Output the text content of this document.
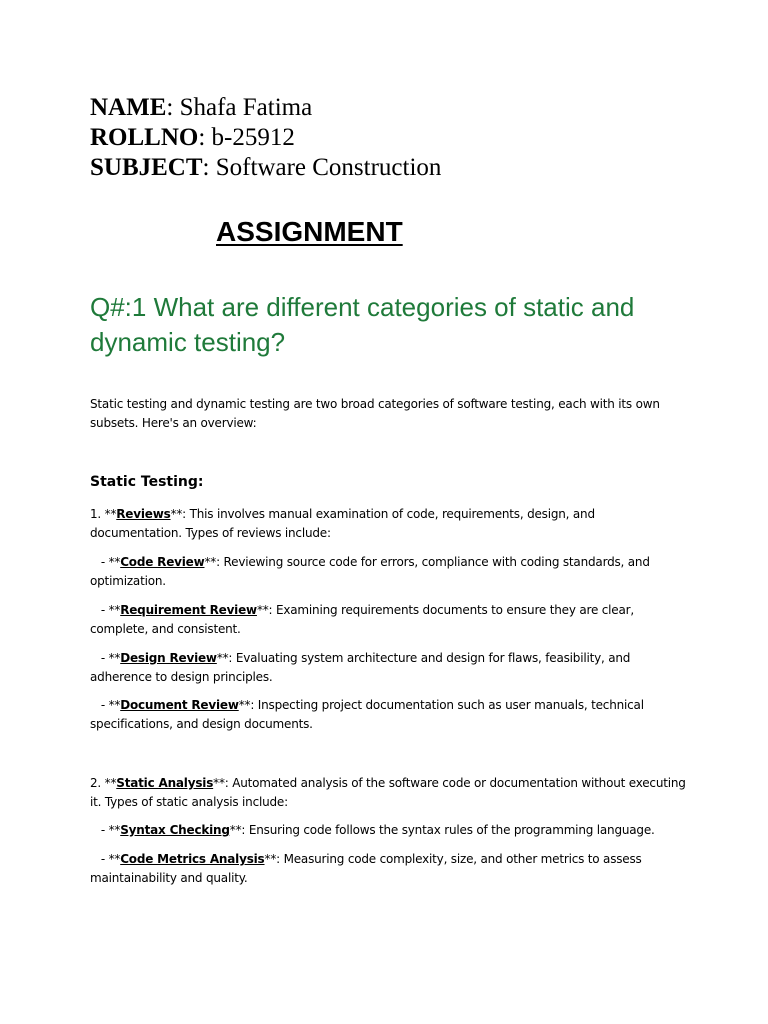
NAME: Shafa Fatima
ROLLNO: b-25912
SUBJECT: Software Construction
ASSIGNMENT
Q#:1 What are different categories of static and dynamic testing?
Static testing and dynamic testing are two broad categories of software testing, each with its own subsets. Here's an overview:
Static Testing:
1. **Reviews**: This involves manual examination of code, requirements, design, and documentation. Types of reviews include:
- **Code Review**: Reviewing source code for errors, compliance with coding standards, and optimization.
- **Requirement Review**: Examining requirements documents to ensure they are clear, complete, and consistent.
- **Design Review**: Evaluating system architecture and design for flaws, feasibility, and adherence to design principles.
- **Document Review**: Inspecting project documentation such as user manuals, technical specifications, and design documents.
2. **Static Analysis**: Automated analysis of the software code or documentation without executing it. Types of static analysis include:
- **Syntax Checking**: Ensuring code follows the syntax rules of the programming language.
- **Code Metrics Analysis**: Measuring code complexity, size, and other metrics to assess maintainability and quality.
